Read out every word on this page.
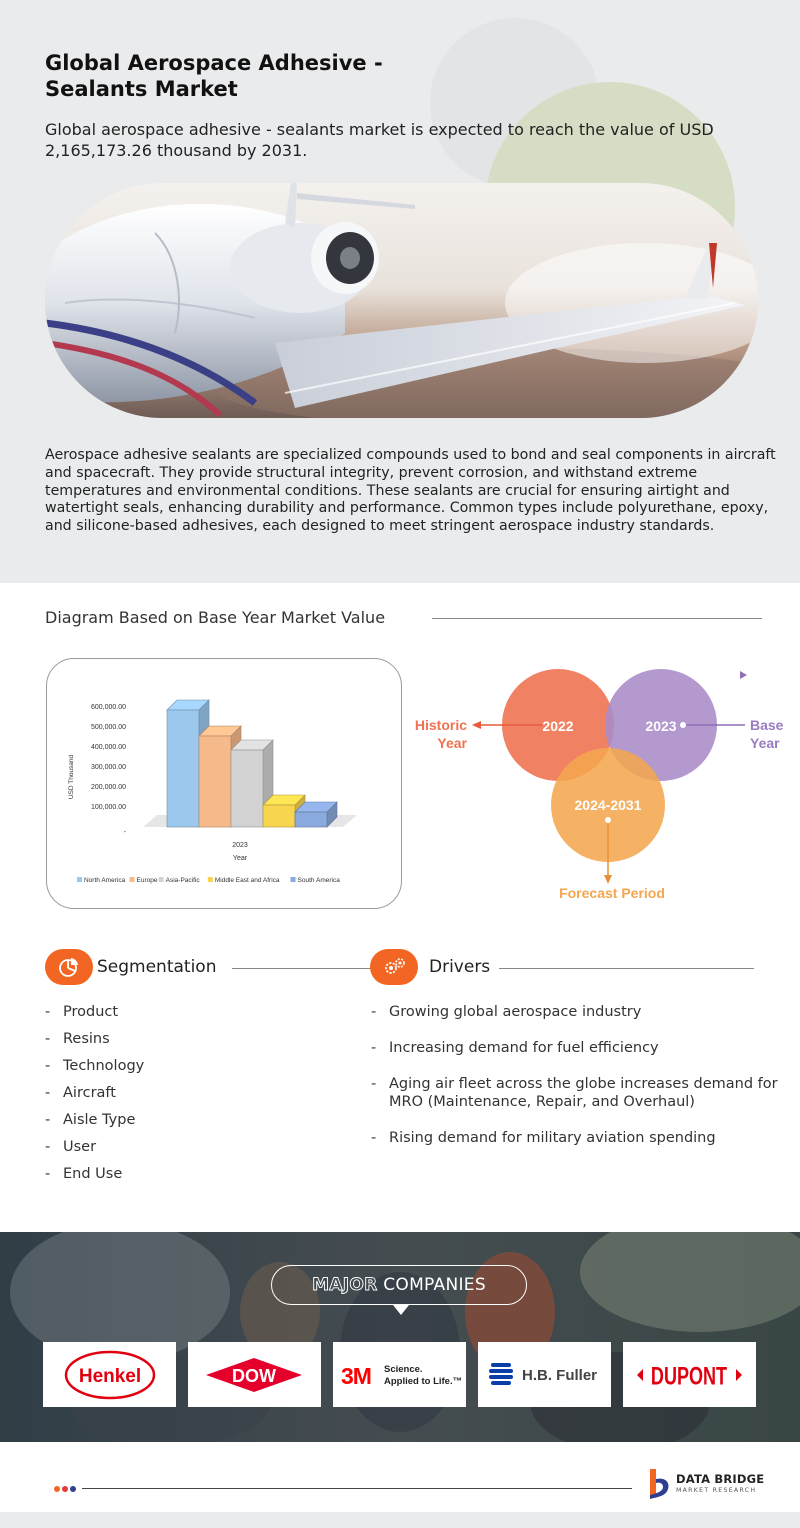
Global Aerospace Adhesive - Sealants Market

Global aerospace adhesive - sealants market is expected to reach the value of USD 2,165,173.26 thousand by 2031.

Aerospace adhesive sealants are specialized compounds used to bond and seal components in aircraft and spacecraft. They provide structural integrity, prevent corrosion, and withstand extreme temperatures and environmental conditions. These sealants are crucial for ensuring airtight and watertight seals, enhancing durability and performance. Common types include polyurethane, epoxy, and silicone-based adhesives, each designed to meet stringent aerospace industry standards.

Diagram Based on Base Year Market Value
-
100,000.00
200,000.00
300,000.00
400,000.00
500,000.00
600,000.00
USD Thousand
2023
Year
North America Europe Asia-Pacific Middle East and Africa	South America
2022	2023
2024-2031
Historic
Year
Base
Year
Forecast Period
Segmentation	Drivers
- Product
- Resins
- Technology
- Aircraft
- Aisle Type
- User
- End Use
- Growing global aerospace industry
- Increasing demand for fuel efficiency
- Aging air fleet across the globe increases demand for MRO (Maintenance, Repair, and Overhaul)
- Rising demand for military aviation spending
MAJOR COMPANIES
Henkel	DOW	3M Science.
Applied to Life.™	H.B. Fuller DUPONT
DATA BRIDGE
MARKET RESEARCH
